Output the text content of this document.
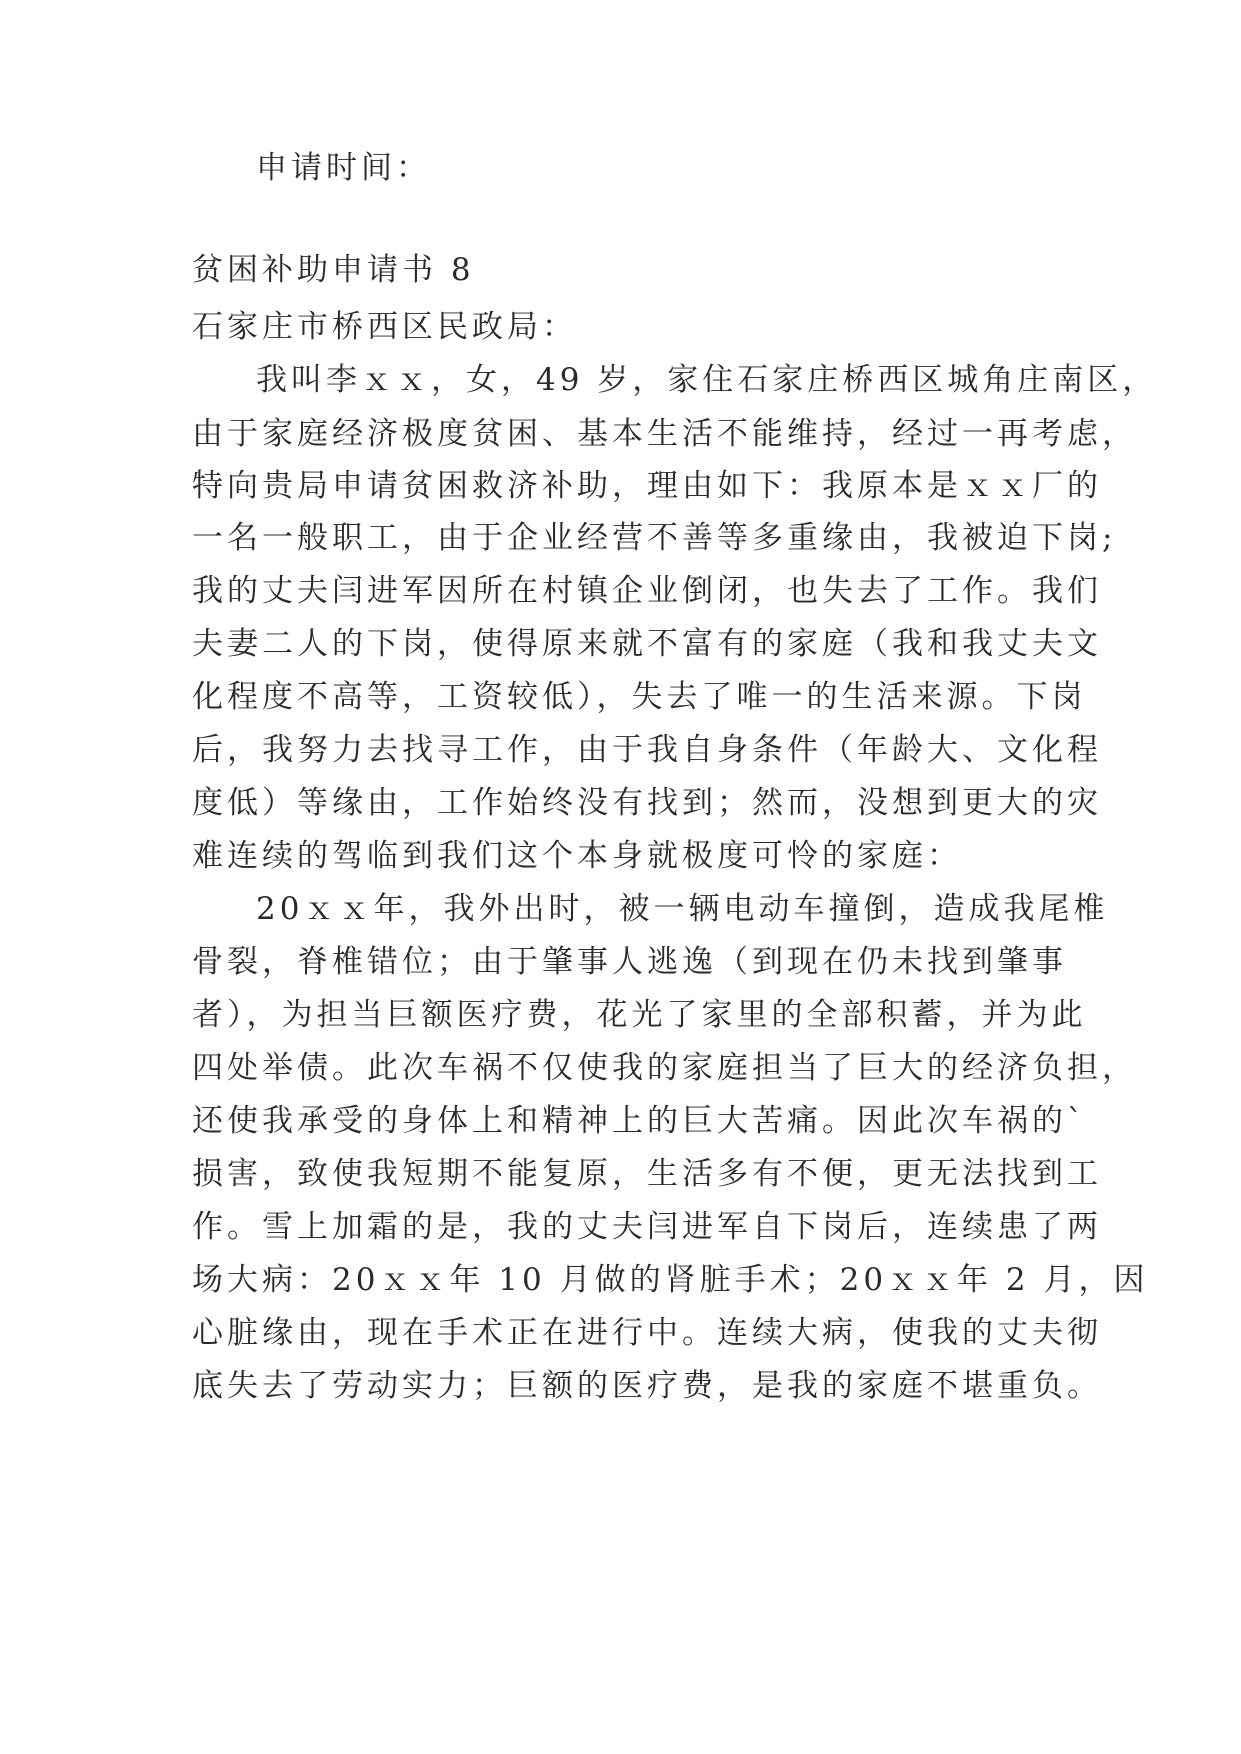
申请时间：

贫困补助申请书 8

石家庄市桥西区民政局：

我叫李ｘｘ，女，49 岁，家住石家庄桥西区城角庄南区，

由于家庭经济极度贫困、基本生活不能维持，经过一再考虑，

特向贵局申请贫困救济补助，理由如下：我原本是ｘｘ厂的

一名一般职工，由于企业经营不善等多重缘由，我被迫下岗;

我的丈夫闫进军因所在村镇企业倒闭，也失去了工作。我们

夫妻二人的下岗，使得原来就不富有的家庭（我和我丈夫文

化程度不高等，工资较低），失去了唯一的生活来源。下岗

后，我努力去找寻工作，由于我自身条件（年龄大、文化程

度低）等缘由，工作始终没有找到；然而，没想到更大的灾

难连续的驾临到我们这个本身就极度可怜的家庭：

20ｘｘ年，我外出时，被一辆电动车撞倒，造成我尾椎

骨裂，脊椎错位；由于肇事人逃逸（到现在仍未找到肇事

者），为担当巨额医疗费，花光了家里的全部积蓄，并为此

四处举债。此次车祸不仅使我的家庭担当了巨大的经济负担，

还使我承受的身体上和精神上的巨大苦痛。因此次车祸的`

损害，致使我短期不能复原，生活多有不便，更无法找到工

作。雪上加霜的是，我的丈夫闫进军自下岗后，连续患了两

场大病：20ｘｘ年 10 月做的肾脏手术；20ｘｘ年 2 月，因

心脏缘由，现在手术正在进行中。连续大病，使我的丈夫彻

底失去了劳动实力；巨额的医疗费，是我的家庭不堪重负。
